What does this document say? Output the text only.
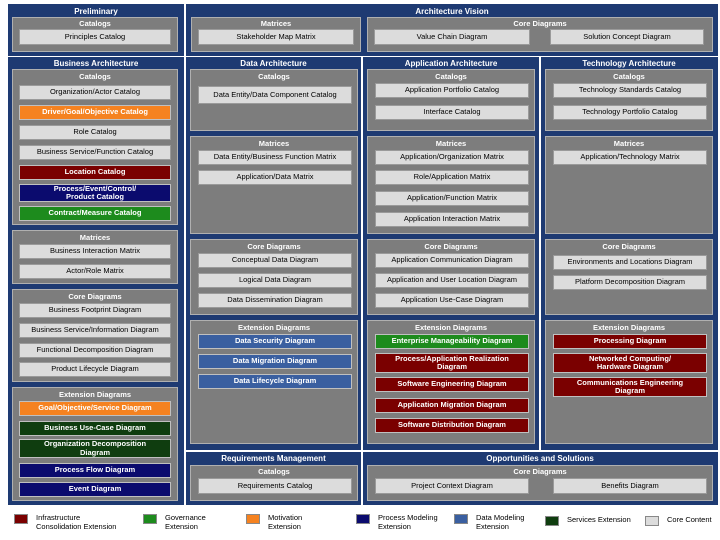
Preliminary	Architecture Vision
Catalogs
Principles Catalog
Matrices
Stakeholder Map Matrix
Core Diagrams
Value Chain Diagram	Solution Concept Diagram
Business Architecture	Data Architecture	Application Architecture	Technology Architecture
Catalogs
Organization/Actor Catalog
Driver/Goal/Objective Catalog
Role Catalog
Business Service/Function Catalog
Location Catalog
Process/Event/Control/
Product Catalog
Contract/Measure Catalog
Matrices
Business Interaction Matrix
Actor/Role Matrix
Core Diagrams
Business Footprint Diagram
Business Service/Information Diagram
Functional Decomposition Diagram
Product Lifecycle Diagram
Extension Diagrams
Goal/Objective/Service Diagram
Business Use-Case Diagram
Organization Decomposition
Diagram
Process Flow Diagram
Event Diagram
Catalogs
Data Entity/Data Component Catalog
Matrices
Data Entity/Business Function Matrix
Application/Data Matrix
Core Diagrams
Conceptual Data Diagram
Logical Data Diagram
Data Dissemination Diagram
Extension Diagrams
Data Security Diagram
Data Migration Diagram
Data Lifecycle Diagram
Catalogs
Application Portfolio Catalog
Interface Catalog
Matrices
Application/Organization Matrix
Role/Application Matrix
Application/Function Matrix
Application Interaction Matrix
Core Diagrams
Application Communication Diagram
Application and User Location Diagram
Application Use-Case Diagram
Extension Diagrams
Enterprise Manageability Diagram
Process/Application Realization
Diagram
Software Engineering Diagram
Application Migration Diagram
Software Distribution Diagram
Catalogs
Technology Standards Catalog
Technology Portfolio Catalog
Matrices
Application/Technology Matrix
Core Diagrams
Environments and Locations Diagram
Platform Decomposition Diagram
Extension Diagrams
Processing Diagram
Networked Computing/
Hardware Diagram
Communications Engineering
Diagram
Requirements Management	Opportunities and Solutions
Catalogs
Requirements Catalog
Core Diagrams
Project Context Diagram	Benefits Diagram
Infrastructure
Consolidation Extension
Governance
Extension
Motivation
Extension
Process Modeling
Extension
Data Modeling
Extension
Services Extension	Core Content
